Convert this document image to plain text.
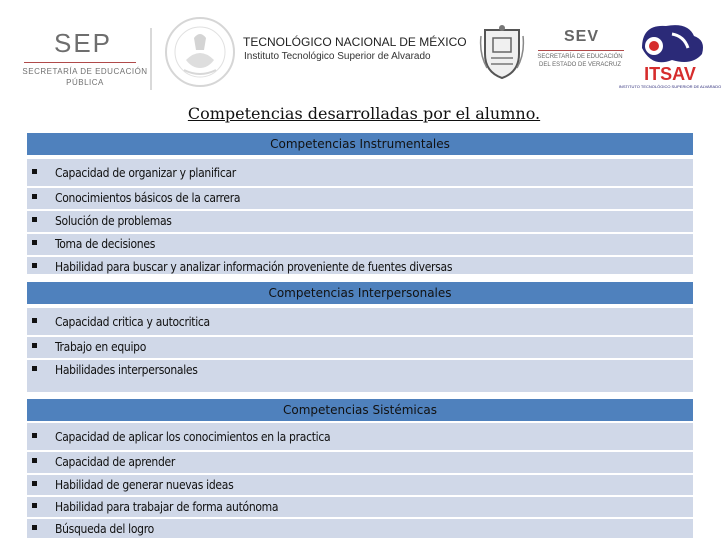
SEP
SECRETARÍA DE EDUCACIÓN PÚBLICA
TECNOLÓGICO NACIONAL DE MÉXICO
Instituto Tecnológico Superior de Alvarado
SEV
SECRETARÍA DE EDUCACIÓN DEL ESTADO DE VERACRUZ ITSAV
INSTITUTO TECNOLÓGICO SUPERIOR DE ALVARADO
Competencias desarrolladas por el alumno.
Competencias Instrumentales
Capacidad de organizar y planificar
Conocimientos básicos de la carrera
Solución de problemas
Toma de decisiones
Habilidad para buscar y analizar información proveniente de fuentes diversas
Competencias Interpersonales
Capacidad critica y autocritica
Trabajo en equipo
Habilidades interpersonales
Competencias Sistémicas
Capacidad de aplicar los conocimientos en la practica
Capacidad de aprender
Habilidad de generar nuevas ideas
Habilidad para trabajar de forma autónoma
Búsqueda del logro
